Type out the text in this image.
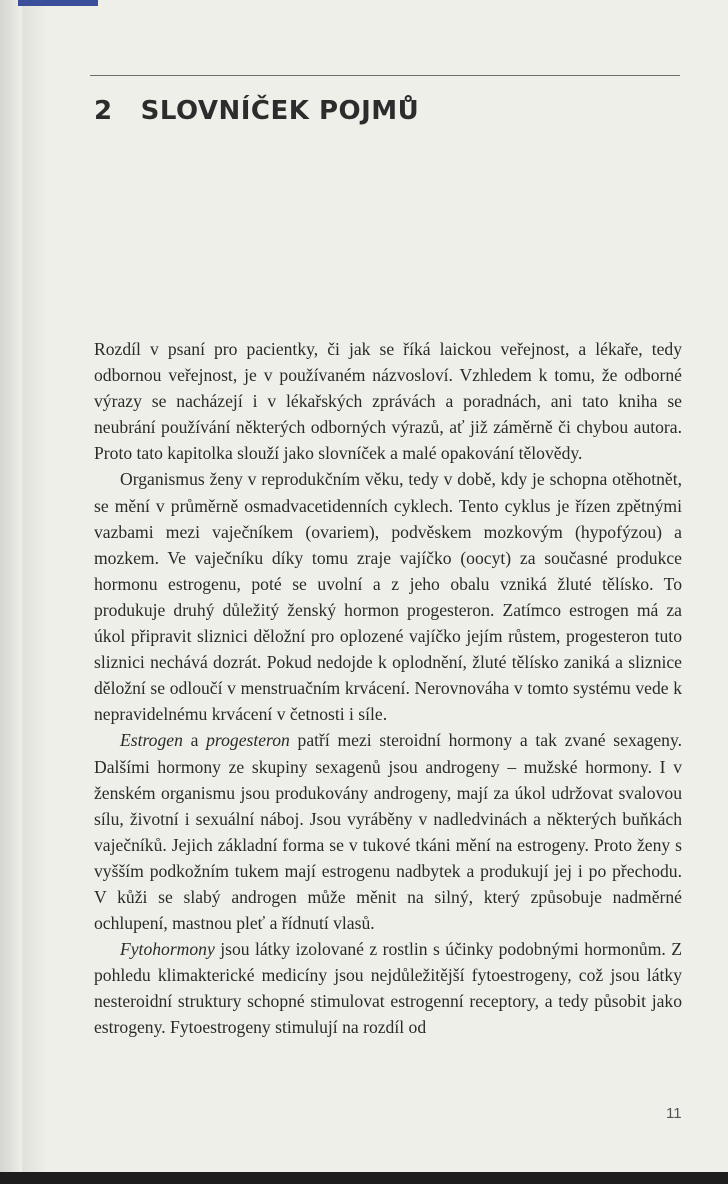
2 SLOVNÍČEK POJMŮ

Rozdíl v psaní pro pacientky, či jak se říká laickou veřejnost, a lékaře, tedy odbornou veřejnost, je v používaném názvosloví. Vzhledem k tomu, že odborné výrazy se nacházejí i v lékařských zprávách a poradnách, ani tato kniha se neubrání používání některých odborných výrazů, ať již záměrně či chybou autora. Proto tato kapitolka slouží jako slovníček a malé opakování tělovědy.

Organismus ženy v reprodukčním věku, tedy v době, kdy je schopna otěhotnět, se mění v průměrně osmadvacetidenních cyklech. Tento cyklus je řízen zpětnými vazbami mezi vaječníkem (ovariem), podvěskem mozkovým (hypofýzou) a mozkem. Ve vaječníku díky tomu zraje vajíčko (oocyt) za současné produkce hormonu estrogenu, poté se uvolní a z jeho obalu vzniká žluté tělísko. To produkuje druhý důležitý ženský hormon progesteron. Zatímco estrogen má za úkol připravit sliznici děložní pro oplozené vajíčko jejím růstem, progesteron tuto sliznici nechává dozrát. Pokud nedojde k oplodnění, žluté tělísko zaniká a sliznice děložní se odloučí v menstruačním krvácení. Nerovnováha v tomto systému vede k nepravidelnému krvácení v četnosti i síle.

Estrogen a progesteron patří mezi steroidní hormony a tak zvané sexageny. Dalšími hormony ze skupiny sexagenů jsou androgeny – mužské hormony. I v ženském organismu jsou produkovány androgeny, mají za úkol udržovat svalovou sílu, životní i sexuální náboj. Jsou vyráběny v nadledvinách a některých buňkách vaječníků. Jejich základní forma se v tukové tkáni mění na estrogeny. Proto ženy s vyšším podkožním tukem mají estrogenu nadbytek a produkují jej i po přechodu. V kůži se slabý androgen může měnit na silný, který způsobuje nadměrné ochlupení, mastnou pleť a řídnutí vlasů.

Fytohormony jsou látky izolované z rostlin s účinky podobnými hormonům. Z pohledu klimakterické medicíny jsou nejdůležitější fytoestrogeny, což jsou látky nesteroidní struktury schopné stimulovat estrogenní receptory, a tedy působit jako estrogeny. Fytoestrogeny stimulují na rozdíl od

11
